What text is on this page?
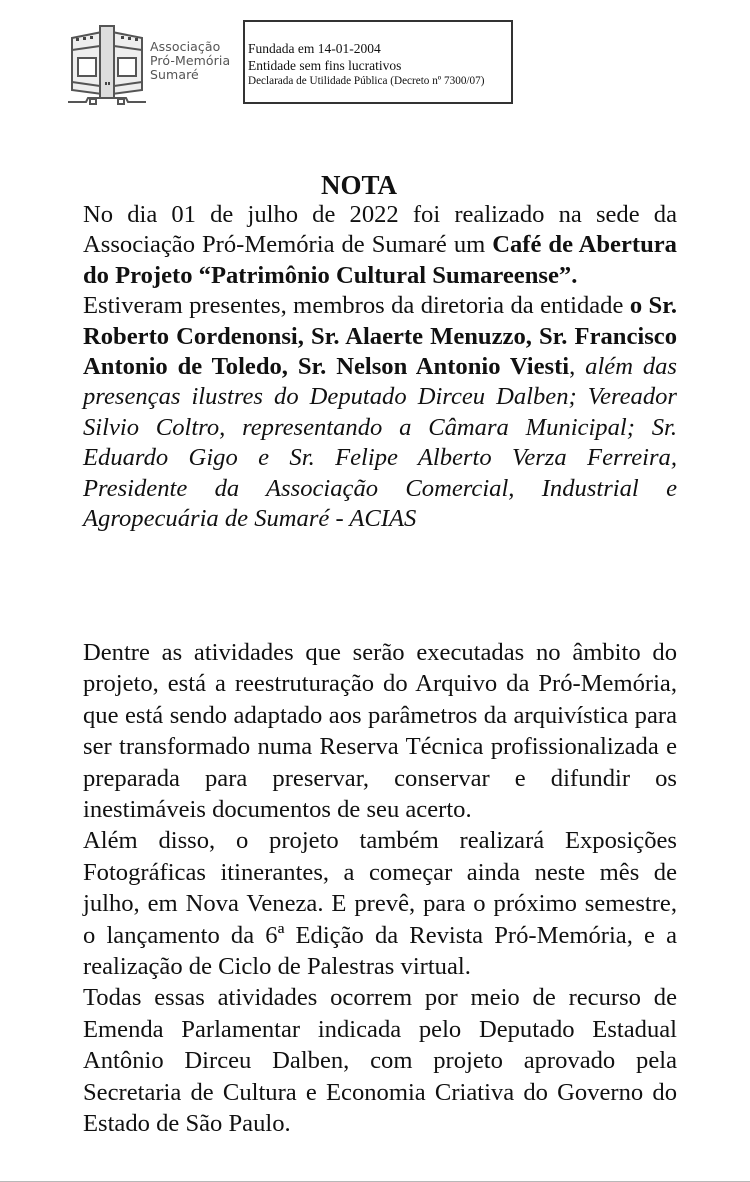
Associação
Pró-Memória
Sumaré
Fundada em 14-01-2004
Entidade sem fins lucrativos
Declarada de Utilidade Pública (Decreto nº 7300/07)
NOTA

No dia 01 de julho de 2022 foi realizado na sede da Associação Pró-Memória de Sumaré um Café de Abertura do Projeto “Patrimônio Cultural Sumareense”.

Estiveram presentes, membros da diretoria da entidade o Sr. Roberto Cordenonsi, Sr. Alaerte Menuzzo, Sr. Francisco Antonio de Toledo, Sr. Nelson Antonio Viesti, além das presenças ilustres do Deputado Dirceu Dalben; Vereador Silvio Coltro, representando a Câmara Municipal; Sr. Eduardo Gigo e Sr. Felipe Alberto Verza Ferreira, Presidente da Associação Comercial, Industrial e Agropecuária de Sumaré - ACIAS

Dentre as atividades que serão executadas no âmbito do projeto, está a reestruturação do Arquivo da Pró-Memória, que está sendo adaptado aos parâmetros da arquivística para ser transformado numa Reserva Técnica profissionalizada e preparada para preservar, conservar e difundir os inestimáveis documentos de seu acerto.

Além disso, o projeto também realizará Exposições Fotográficas itinerantes, a começar ainda neste mês de julho, em Nova Veneza. E prevê, para o próximo semestre, o lançamento da 6ª Edição da Revista Pró-Memória, e a realização de Ciclo de Palestras virtual.

Todas essas atividades ocorrem por meio de recurso de Emenda Parlamentar indicada pelo Deputado Estadual Antônio Dirceu Dalben, com projeto aprovado pela Secretaria de Cultura e Economia Criativa do Governo do Estado de São Paulo.
